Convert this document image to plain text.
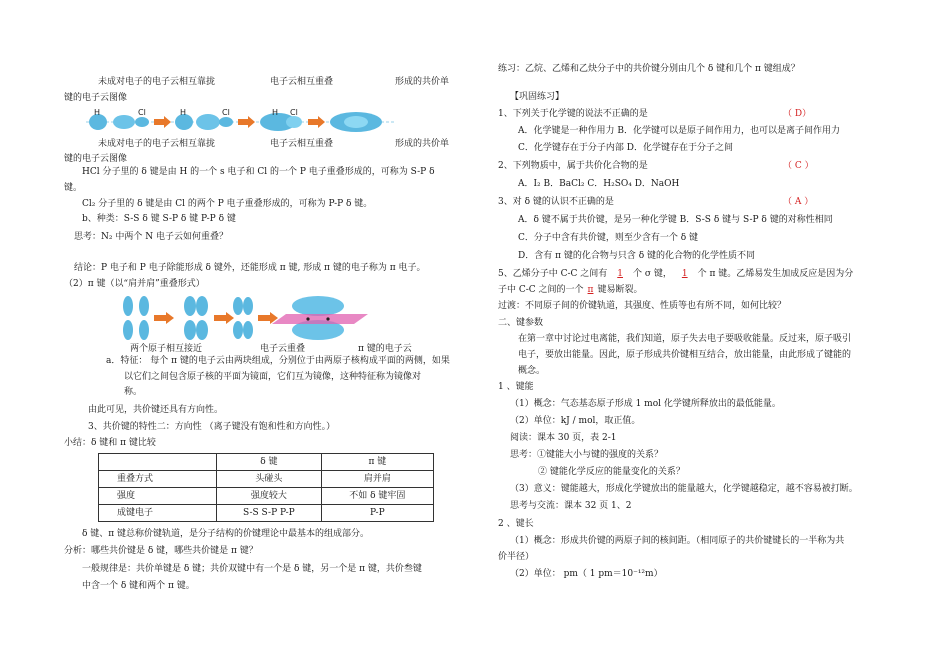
未成对电子的电子云相互靠拢	电子云相互重叠	形成的共价单
键的电子云图像
H	Cl	H	Cl	H Cl
未成对电子的电子云相互靠拢	电子云相互重叠	形成的共价单
键的电子云图像
HCl 分子里的 δ 键是由 H 的一个 s 电子和 Cl 的一个 P 电子重叠形成的，可称为 S-P δ
键。
Cl₂ 分子里的 δ 键是由 Cl 的两个 P 电子重叠形成的，可称为 P-P δ 键。
b、种类：S-S δ 键 S-P δ 键 P-P δ 键
思考：N₂ 中两个 N 电子云如何重叠？
结论：P 电子和 P 电子除能形成 δ 键外，还能形成 π 键, 形成 π 键的电子称为 π 电子。
（2）π 键（以“肩并肩”重叠形式）
两个原子相互接近	电子云重叠	π 键的电子云
a．特征： 每个 π 键的电子云由两块组成，分别位于由两原子核构成平面的两侧，如果
以它们之间包含原子核的平面为镜面，它们互为镜像，这种特征称为镜像对
称。
由此可见，共价键还具有方向性。
3、共价键的特性二：方向性 （离子键没有饱和性和方向性。）
小结：δ 键和 π 键比较
	δ 键	π 键
重叠方式	头碰头	肩并肩
强度	强度较大	不如 δ 键牢固
成键电子	S-S S-P P-P	P-P
δ 键、π 键总称价键轨道，是分子结构的价键理论中最基本的组成部分。
分析：哪些共价键是 δ 键，哪些共价键是 π 键？
一般规律是：共价单键是 δ 键；共价双键中有一个是 δ 键，另一个是 π 键，共价叁键
中含一个 δ 键和两个 π 键。
练习：乙烷、乙烯和乙炔分子中的共价键分别由几个 δ 键和几个 π 键组成？
【巩固练习】
1、下列关于化学键的说法不正确的是	（ D）
A．化学键是一种作用力 B．化学键可以是原子间作用力，也可以是离子间作用力
C．化学键存在于分子内部 D．化学键存在于分子之间
2、下列物质中，属于共价化合物的是	（ C ）
A．I₂ B．BaCl₂ C．H₂SO₄ D．NaOH
3、对 δ 键的认识不正确的是	（ A ）
A．δ 键不属于共价键，是另一种化学键 B．S-S δ 键与 S-P δ 键的对称性相同
C．分子中含有共价键，则至少含有一个 δ 键
D．含有 π 键的化合物与只含 δ 键的化合物的化学性质不同
5、乙烯分子中 C-C 之间有 1 个 σ 键， 1 个 π 键。乙烯易发生加成反应是因为分
子中 C-C 之间的一个 π 键易断裂。
过渡：不同原子间的价键轨道，其强度、性质等也有所不同，如何比较？
二、键参数
在第一章中讨论过电离能，我们知道，原子失去电子要吸收能量。反过来，原子吸引
电子，要放出能量。因此，原子形成共价键相互结合，放出能量，由此形成了键能的
概念。
1 、键能
（1）概念：气态基态原子形成 1 mol 化学键所释放出的最低能量。
（2）单位：kJ / mol，取正值。
阅读：课本 30 页，表 2-1
思考：①键能大小与键的强度的关系？
② 键能化学反应的能量变化的关系？
（3）意义：键能越大，形成化学键放出的能量越大，化学键越稳定，越不容易被打断。
思考与交流：课本 32 页 1、2
2 、键长
（1）概念：形成共价键的两原子间的核间距。（相同原子的共价键键长的一半称为共
价半径）
（2）单位： pm（ 1 pm＝10⁻¹²m）
